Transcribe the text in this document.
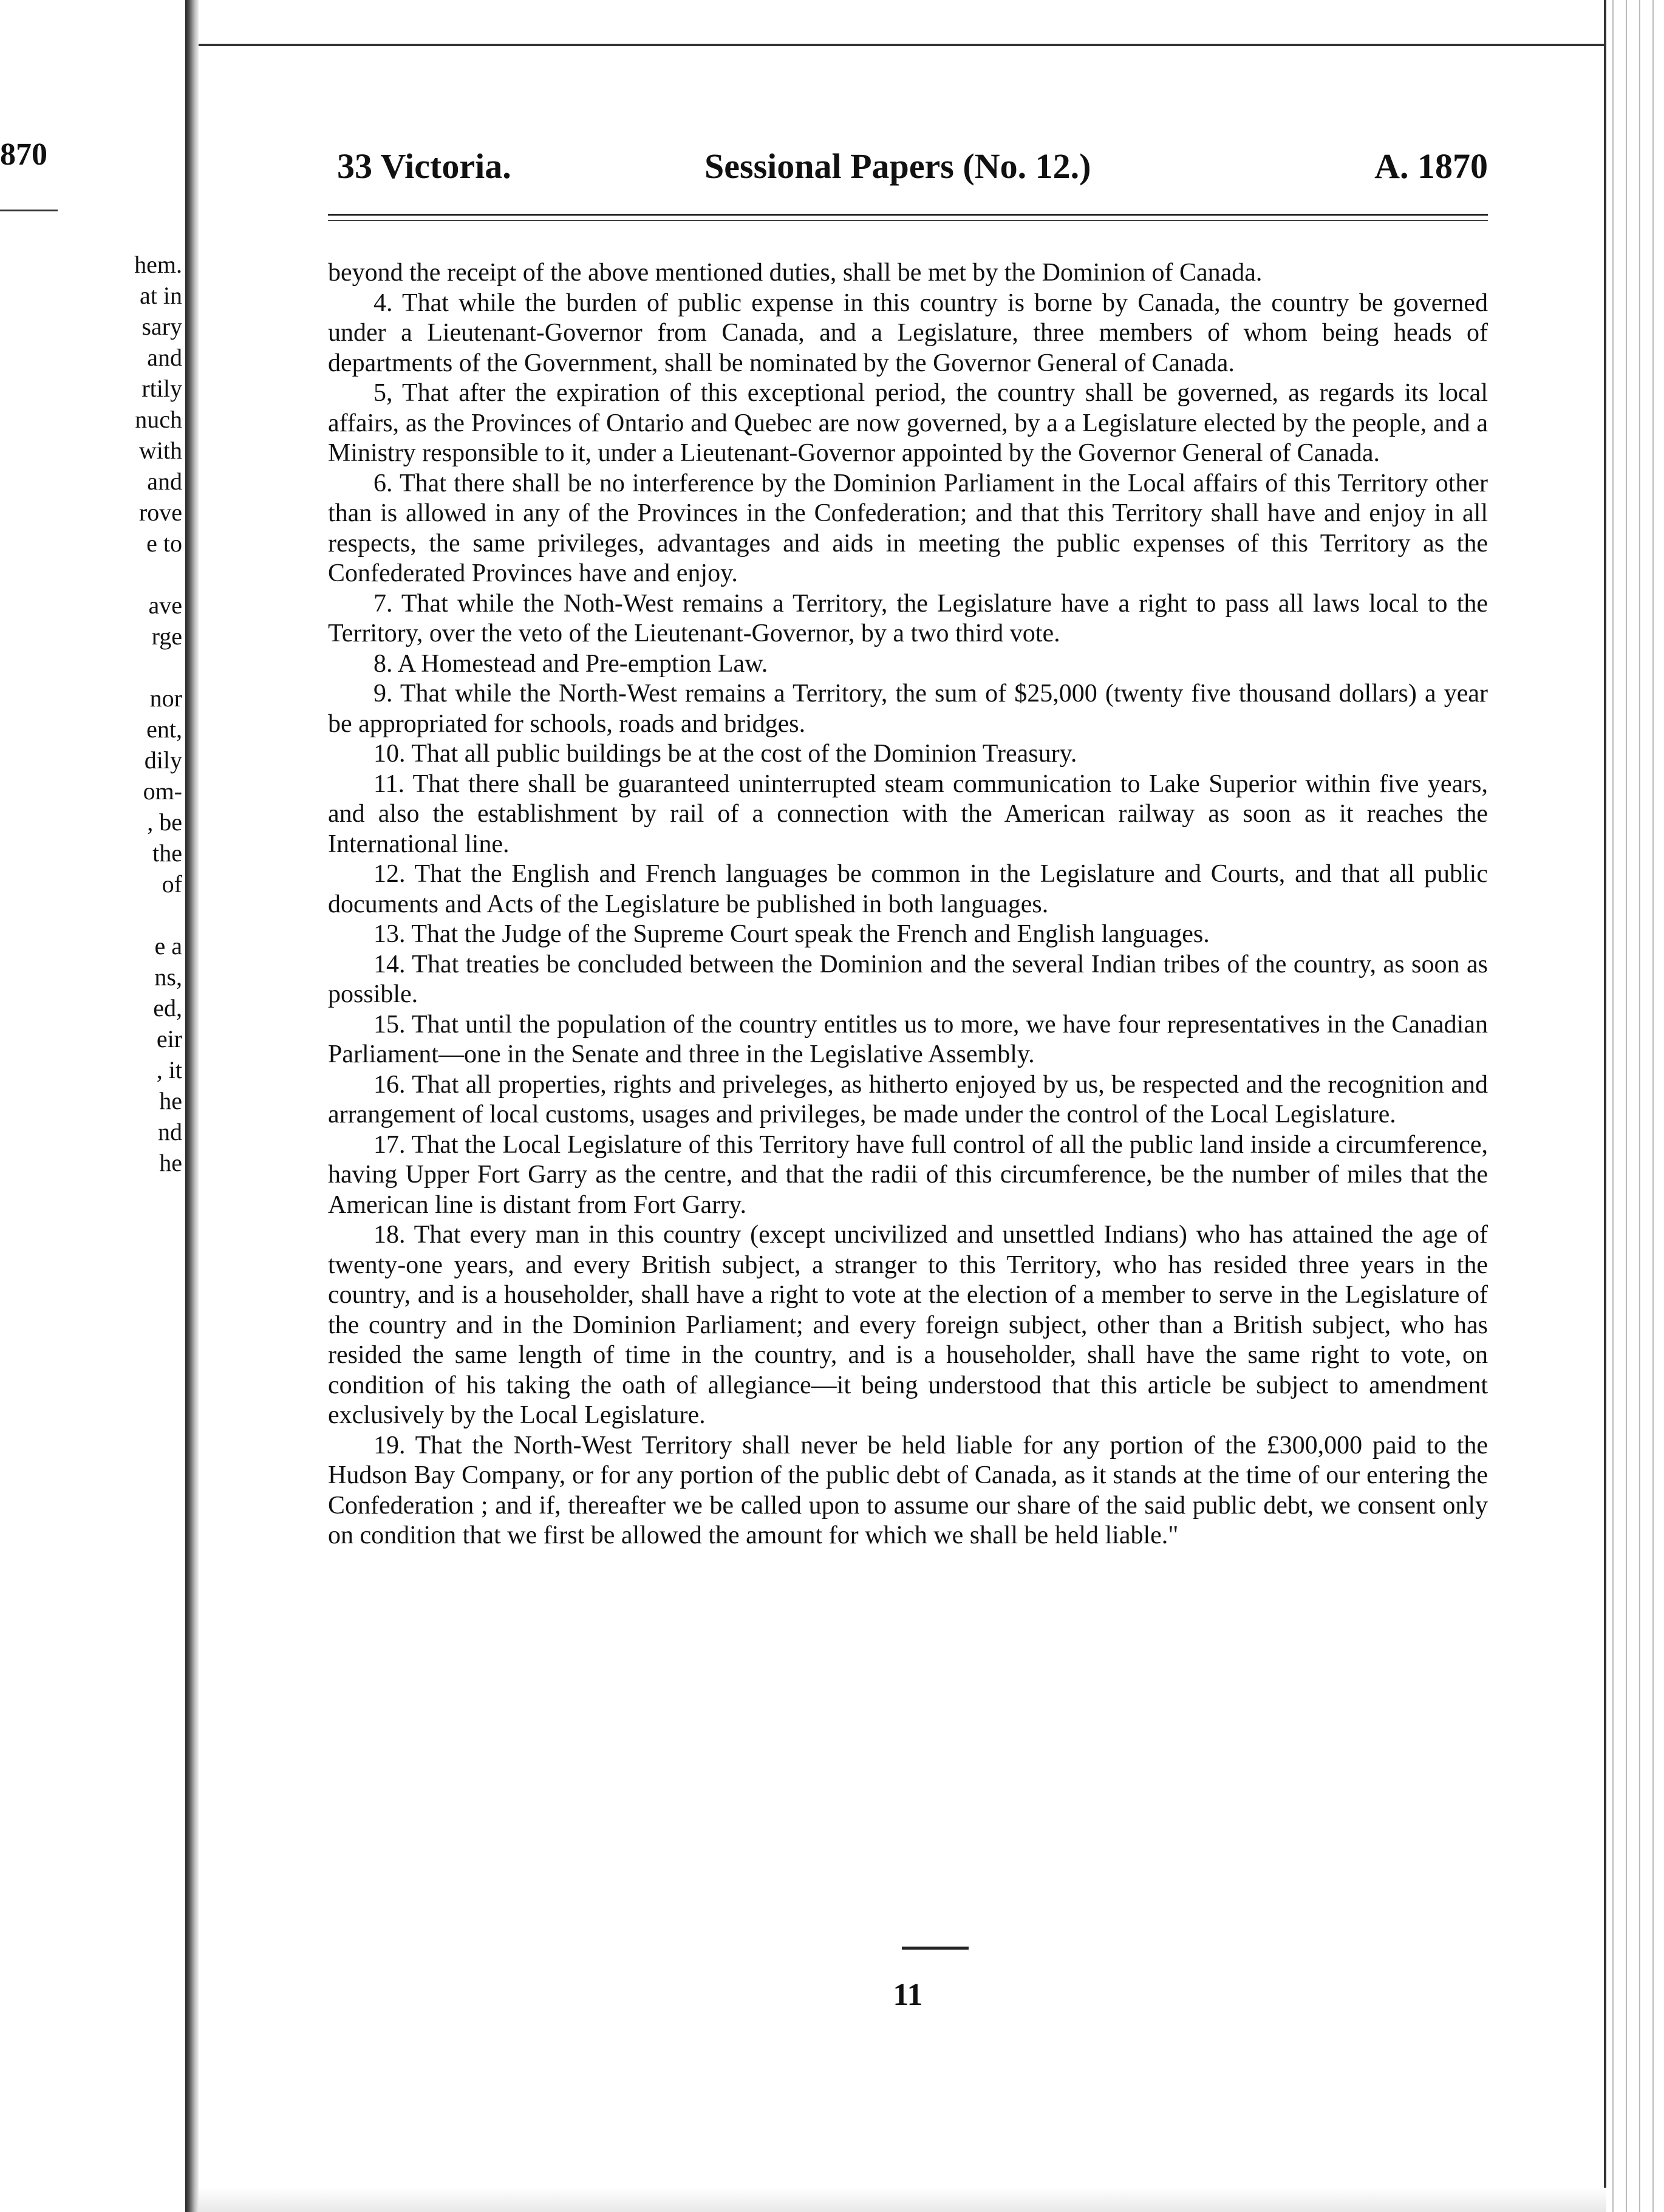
870
hem.
at in
sary
and
rtily
nuch
with
and
rove
e to
ave
rge
nor
ent,
dily
om-
, be
the
of
e a
ns,
ed,
eir
, it
he
nd
he
33 Victoria.	Sessional Papers (No. 12.)	A. 1870

beyond the receipt of the above mentioned duties, shall be met by the Dominion of Canada.

4. That while the burden of public expense in this country is borne by Canada, the country be governed under a Lieutenant-Governor from Canada, and a Legislature, three members of whom being heads of departments of the Government, shall be nominated by the Governor General of Canada.

5, That after the expiration of this exceptional period, the country shall be governed, as regards its local affairs, as the Provinces of Ontario and Quebec are now governed, by a a Legislature elected by the people, and a Ministry responsible to it, under a Lieutenant-Governor appointed by the Governor General of Canada.

6. That there shall be no interference by the Dominion Parliament in the Local affairs of this Territory other than is allowed in any of the Provinces in the Confederation; and that this Territory shall have and enjoy in all respects, the same privileges, advantages and aids in meeting the public expenses of this Territory as the Confederated Provinces have and enjoy.

7. That while the Noth-West remains a Territory, the Legislature have a right to pass all laws local to the Territory, over the veto of the Lieutenant-Governor, by a two third vote.

8. A Homestead and Pre-emption Law.

9. That while the North-West remains a Territory, the sum of $25,000 (twenty five thousand dollars) a year be appropriated for schools, roads and bridges.

10. That all public buildings be at the cost of the Dominion Treasury.

11. That there shall be guaranteed uninterrupted steam communication to Lake Superior within five years, and also the establishment by rail of a connection with the American railway as soon as it reaches the International line.

12. That the English and French languages be common in the Legislature and Courts, and that all public documents and Acts of the Legislature be published in both languages.

13. That the Judge of the Supreme Court speak the French and English languages.

14. That treaties be concluded between the Dominion and the several Indian tribes of the country, as soon as possible.

15. That until the population of the country entitles us to more, we have four representatives in the Canadian Parliament—one in the Senate and three in the Legislative Assembly.

16. That all properties, rights and priveleges, as hitherto enjoyed by us, be respected and the recognition and arrangement of local customs, usages and privileges, be made under the control of the Local Legislature.

17. That the Local Legislature of this Territory have full control of all the public land inside a circumference, having Upper Fort Garry as the centre, and that the radii of this circumference, be the number of miles that the American line is distant from Fort Garry.

18. That every man in this country (except uncivilized and unsettled Indians) who has attained the age of twenty-one years, and every British subject, a stranger to this Territory, who has resided three years in the country, and is a householder, shall have a right to vote at the election of a member to serve in the Legislature of the country and in the Dominion Parliament; and every foreign subject, other than a British subject, who has resided the same length of time in the country, and is a householder, shall have the same right to vote, on condition of his taking the oath of allegiance—it being understood that this article be subject to amendment exclusively by the Local Legislature.

19. That the North-West Territory shall never be held liable for any portion of the £300,000 paid to the Hudson Bay Company, or for any portion of the public debt of Canada, as it stands at the time of our entering the Confederation ; and if, thereafter we be called upon to assume our share of the said public debt, we consent only on condition that we first be allowed the amount for which we shall be held liable."

11
